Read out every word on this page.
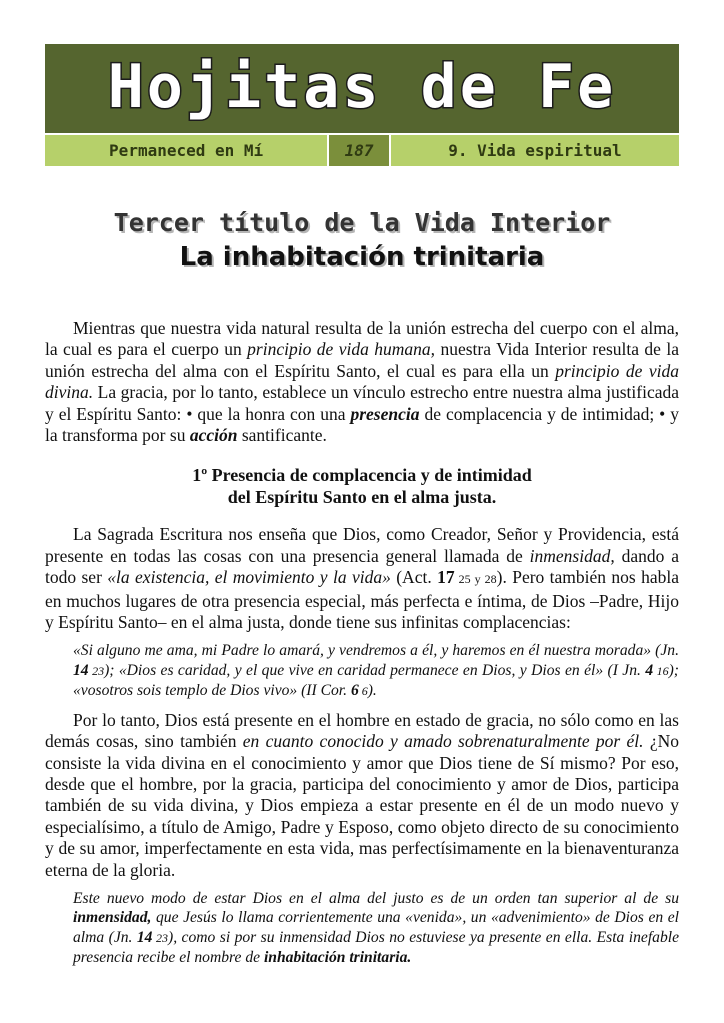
Hojitas de Fe
Permaneced en Mí	187	9. Vida espiritual
Tercer título de la Vida Interior
La inhabitación trinitaria

Mientras que nuestra vida natural resulta de la unión estrecha del cuerpo con el alma, la cual es para el cuerpo un principio de vida humana, nuestra Vida Interior resulta de la unión estrecha del alma con el Espíritu Santo, el cual es para ella un principio de vida divina. La gracia, por lo tanto, establece un vínculo estrecho entre nuestra alma justificada y el Espíritu Santo: • que la honra con una presencia de complacencia y de intimidad; • y la transforma por su acción santificante.

1º Presencia de complacencia y de intimidad
del Espíritu Santo en el alma justa.

La Sagrada Escritura nos enseña que Dios, como Creador, Señor y Providencia, está presente en todas las cosas con una presencia general llamada de inmensidad, dando a todo ser «la existencia, el movimiento y la vida» (Act. 17 25 y 28). Pero también nos habla en muchos lugares de otra presencia especial, más perfecta e íntima, de Dios –Padre, Hijo y Espíritu Santo– en el alma justa, donde tiene sus infinitas complacencias:

«Si alguno me ama, mi Padre lo amará, y vendremos a él, y haremos en él nuestra morada» (Jn. 14 23); «Dios es caridad, y el que vive en caridad permanece en Dios, y Dios en él» (I Jn. 4 16); «vosotros sois templo de Dios vivo» (II Cor. 6 6).

Por lo tanto, Dios está presente en el hombre en estado de gracia, no sólo como en las demás cosas, sino también en cuanto conocido y amado sobrenaturalmente por él. ¿No consiste la vida divina en el conocimiento y amor que Dios tiene de Sí mismo? Por eso, desde que el hombre, por la gracia, participa del conocimiento y amor de Dios, participa también de su vida divina, y Dios empieza a estar presente en él de un modo nuevo y especialísimo, a título de Amigo, Padre y Esposo, como objeto directo de su conocimiento y de su amor, imperfectamente en esta vida, mas perfectísimamente en la bienaventuranza eterna de la gloria.

Este nuevo modo de estar Dios en el alma del justo es de un orden tan superior al de su inmensidad, que Jesús lo llama corrientemente una «venida», un «advenimiento» de Dios en el alma (Jn. 14 23), como si por su inmensidad Dios no estuviese ya presente en ella. Esta inefable presencia recibe el nombre de inhabitación trinitaria.
